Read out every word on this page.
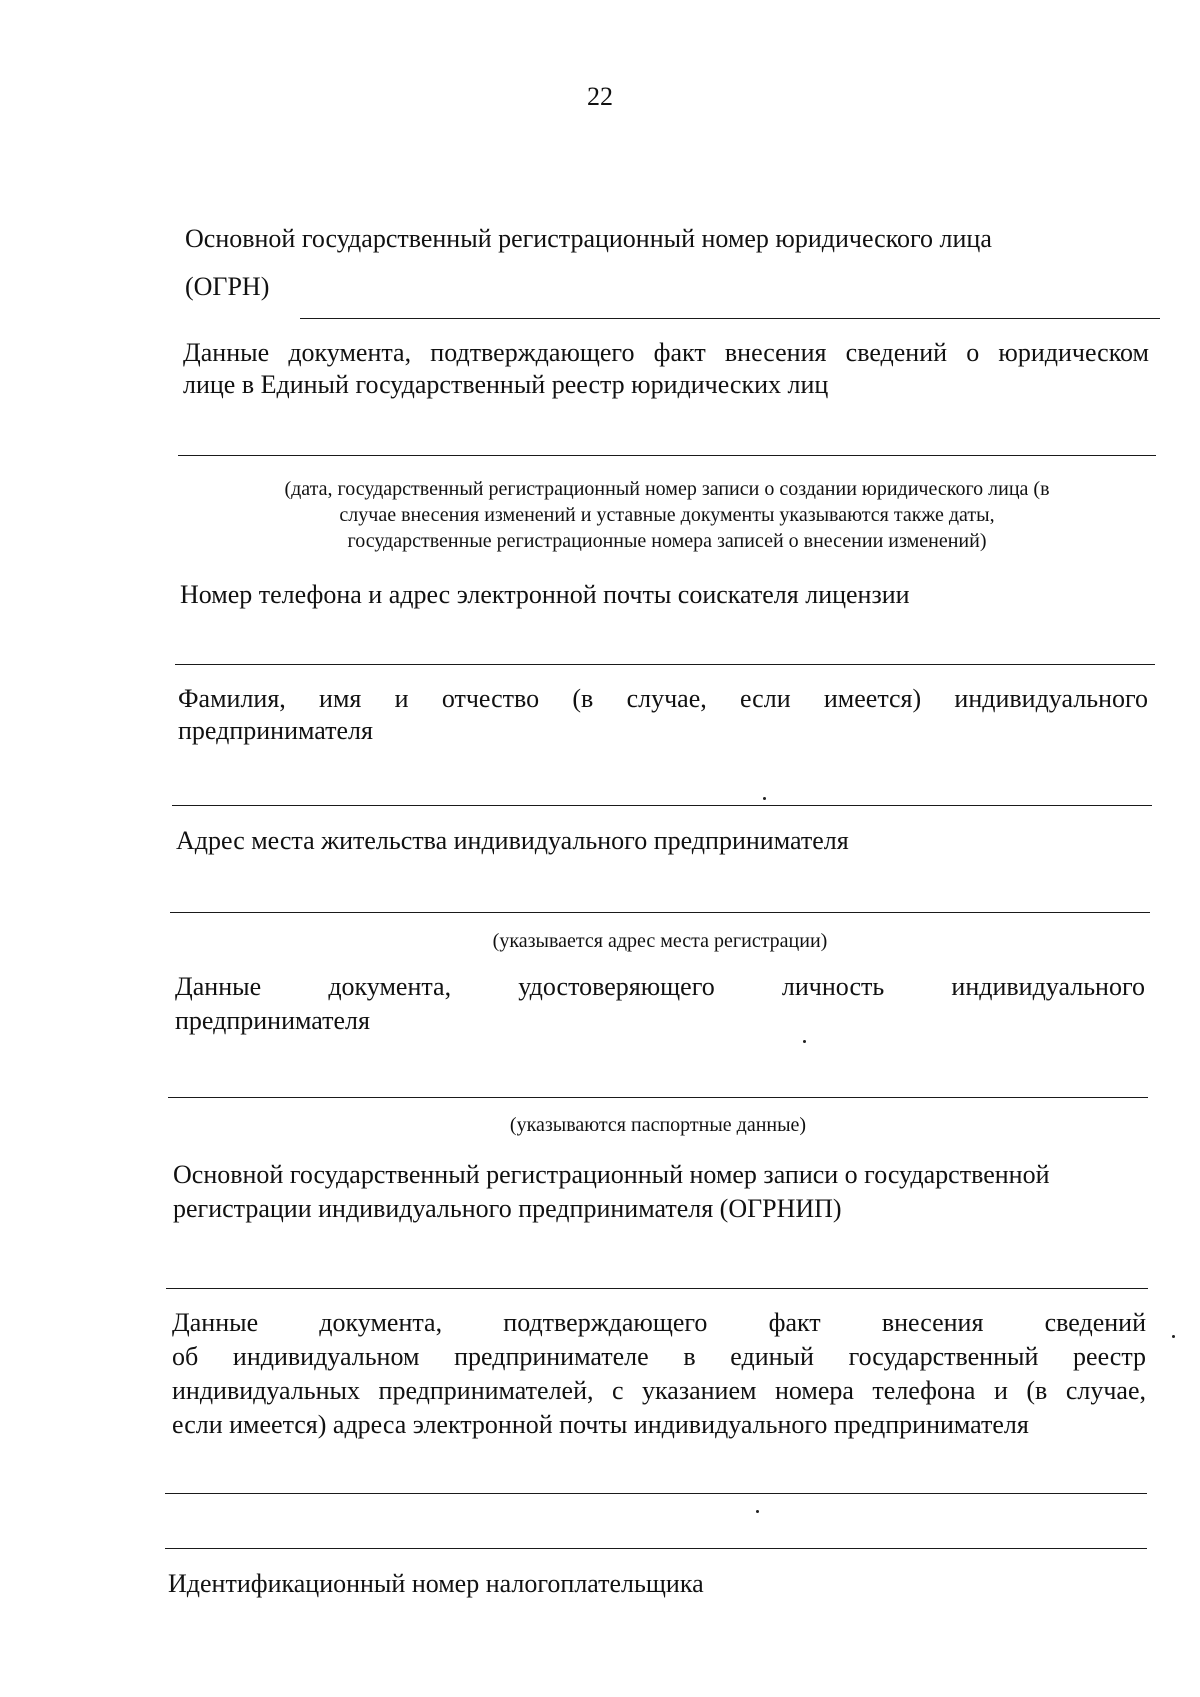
22

Основной государственный регистрационный номер юридического лица

(ОГРН)

Данные документа, подтверждающего факт внесения сведений о юридическом

лице в Единый государственный реестр юридических лиц

(дата, государственный регистрационный номер записи о создании юридического лица (в

случае внесения изменений и уставные документы указываются также даты,

государственные регистрационные номера записей о внесении изменений)

Номер телефона и адрес электронной почты соискателя лицензии

Фамилия, имя и отчество (в случае, если имеется) индивидуального

предпринимателя

Адрес места жительства индивидуального предпринимателя

(указывается адрес места регистрации)

Данные документа, удостоверяющего личность индивидуального

предпринимателя

(указываются паспортные данные)

Основной государственный регистрационный номер записи о государственной

регистрации индивидуального предпринимателя (ОГРНИП)

Данные документа, подтверждающего факт внесения сведений

об индивидуальном предпринимателе в единый государственный реестр

индивидуальных предпринимателей, с указанием номера телефона и (в случае,

если имеется) адреса электронной почты индивидуального предпринимателя

Идентификационный номер налогоплательщика
